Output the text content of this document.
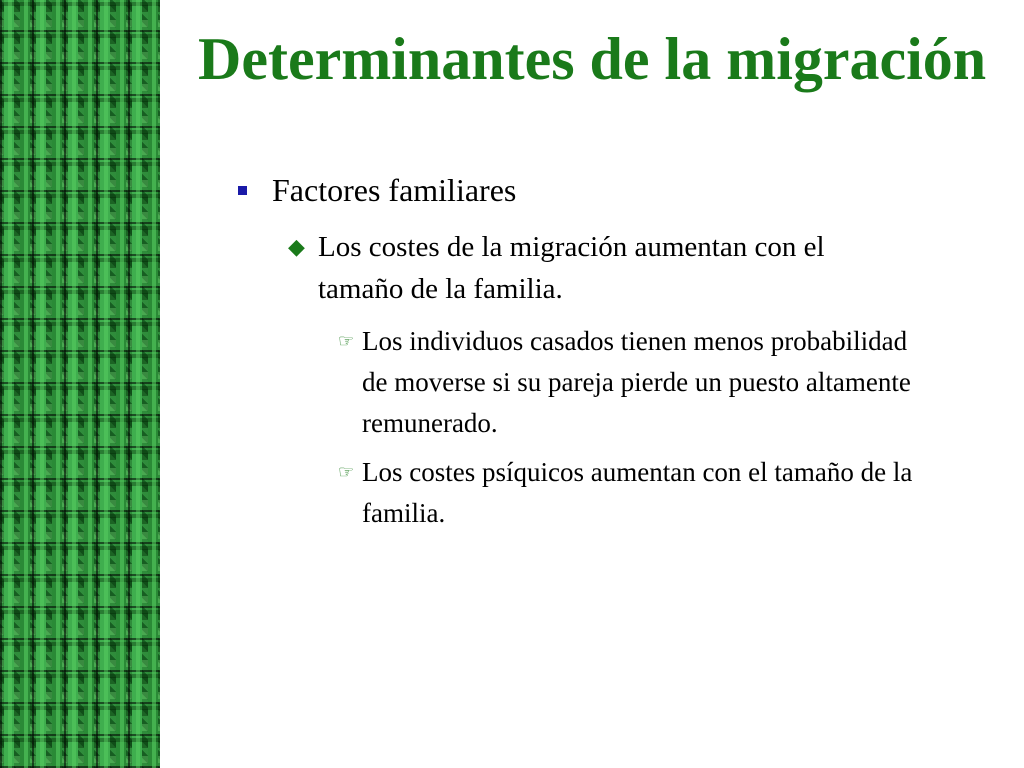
Determinantes de la migración
Factores familiares
◆ Los costes de la migración aumentan con el tamaño de la familia.
☞ Los individuos casados tienen menos probabilidad de moverse si su pareja pierde un puesto altamente remunerado.
☞ Los costes psíquicos aumentan con el tamaño de la familia.
